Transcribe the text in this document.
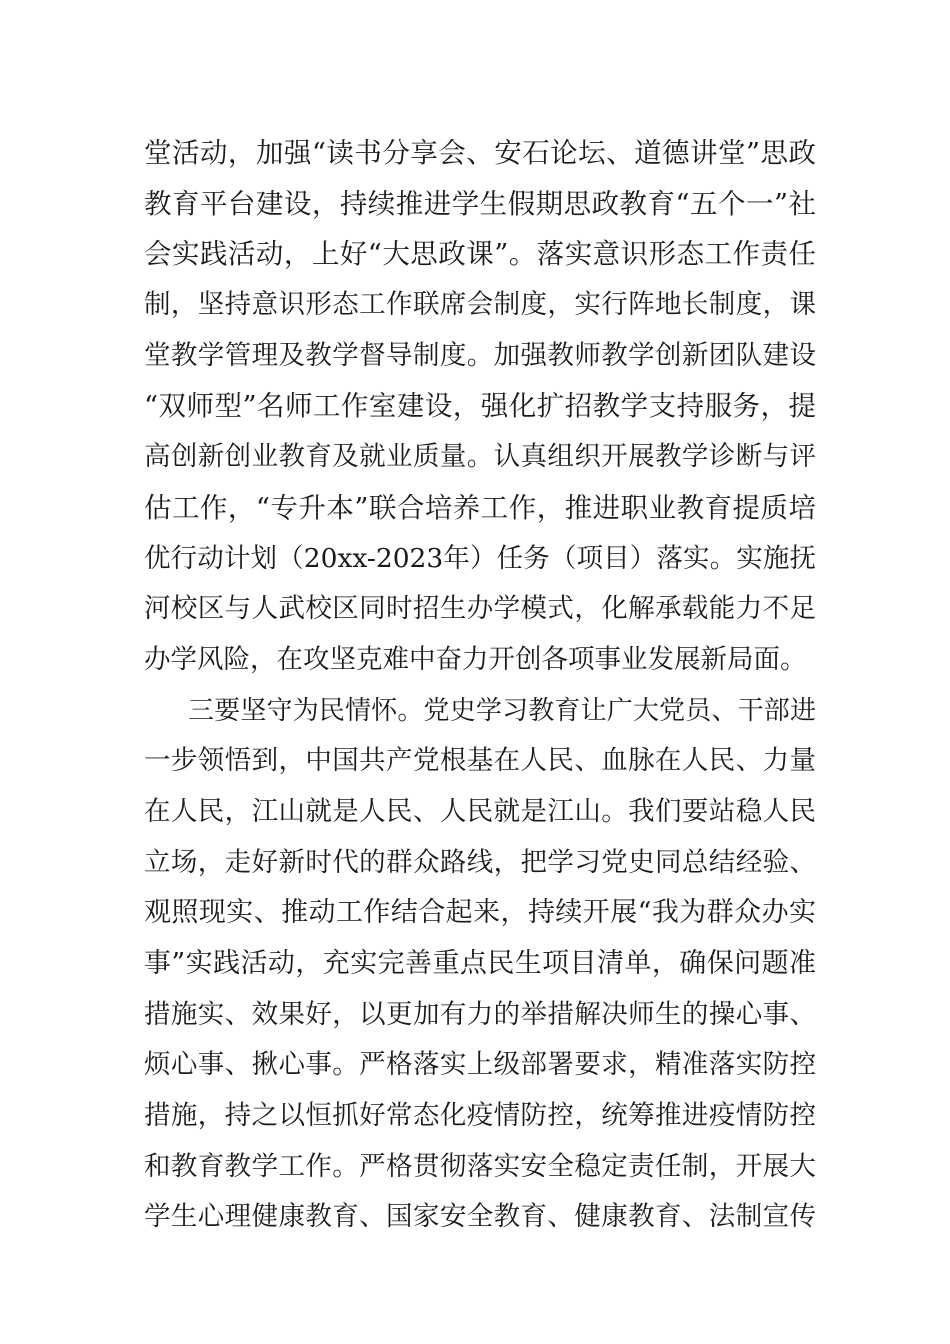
堂活动，加强“读书分享会、安石论坛、道德讲堂”思政
教育平台建设，持续推进学生假期思政教育“五个一”社
会实践活动，上好“大思政课”。落实意识形态工作责任
制，坚持意识形态工作联席会制度，实行阵地长制度，课
堂教学管理及教学督导制度。加强教师教学创新团队建设
“双师型”名师工作室建设，强化扩招教学支持服务，提
高创新创业教育及就业质量。认真组织开展教学诊断与评
估工作，“专升本”联合培养工作，推进职业教育提质培
优行动计划（20xx-2023年）任务（项目）落实。实施抚
河校区与人武校区同时招生办学模式，化解承载能力不足
办学风险，在攻坚克难中奋力开创各项事业发展新局面。
三要坚守为民情怀。党史学习教育让广大党员、干部进
一步领悟到，中国共产党根基在人民、血脉在人民、力量
在人民，江山就是人民、人民就是江山。我们要站稳人民
立场，走好新时代的群众路线，把学习党史同总结经验、
观照现实、推动工作结合起来，持续开展“我为群众办实
事”实践活动，充实完善重点民生项目清单，确保问题准
措施实、效果好，以更加有力的举措解决师生的操心事、
烦心事、揪心事。严格落实上级部署要求，精准落实防控
措施，持之以恒抓好常态化疫情防控，统筹推进疫情防控
和教育教学工作。严格贯彻落实安全稳定责任制，开展大
学生心理健康教育、国家安全教育、健康教育、法制宣传
